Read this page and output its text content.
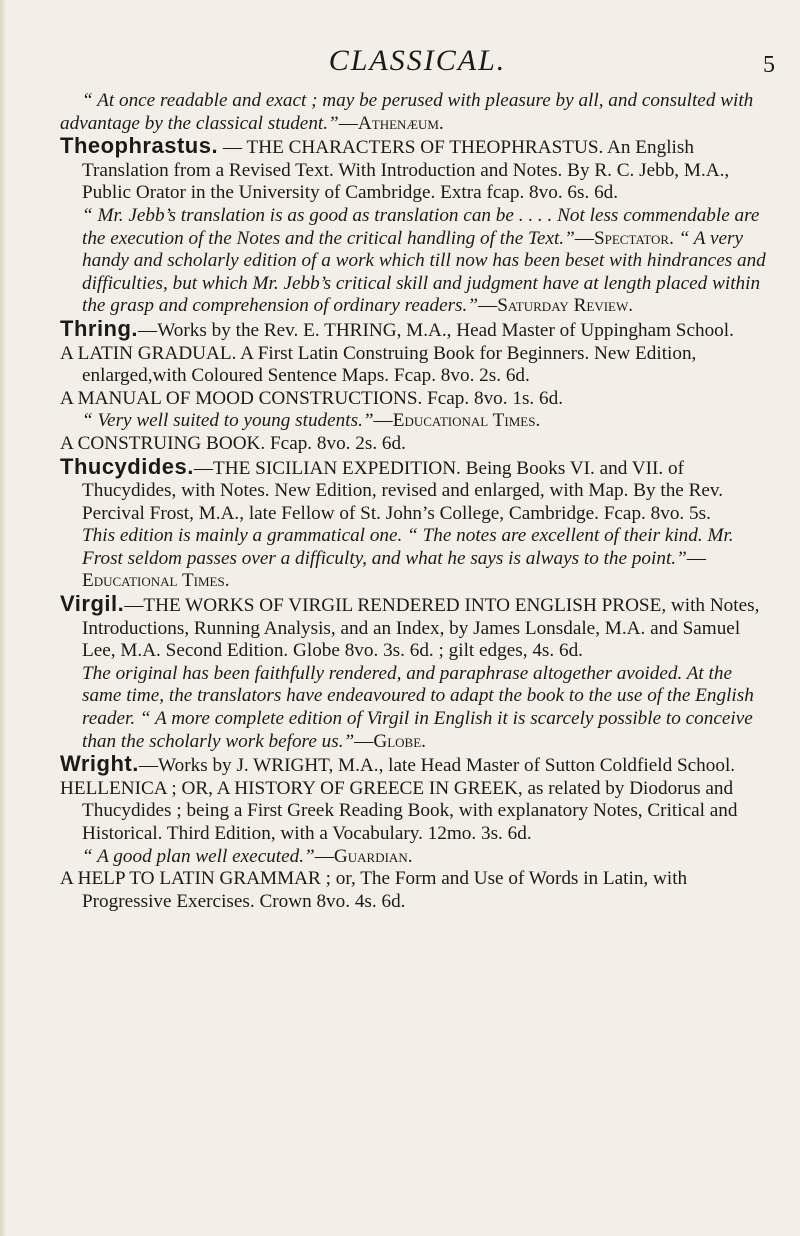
CLASSICAL.	5

“ At once readable and exact ; may be perused with pleasure by all, and consulted with advantage by the classical student.”—Athenæum.

Theophrastus. — THE CHARACTERS OF THEOPHRASTUS. An English Translation from a Revised Text. With Introduction and Notes. By R. C. Jebb, M.A., Public Orator in the University of Cambridge. Extra fcap. 8vo. 6s. 6d.

“ Mr. Jebb’s translation is as good as translation can be . . . . Not less commendable are the execution of the Notes and the critical handling of the Text.”—Spectator. “ A very handy and scholarly edition of a work which till now has been beset with hindrances and difficulties, but which Mr. Jebb’s critical skill and judgment have at length placed within the grasp and comprehension of ordinary readers.”—Saturday Review.

Thring.—Works by the Rev. E. THRING, M.A., Head Master of Uppingham School.

A LATIN GRADUAL. A First Latin Construing Book for Beginners. New Edition, enlarged,with Coloured Sentence Maps. Fcap. 8vo. 2s. 6d.

A MANUAL OF MOOD CONSTRUCTIONS. Fcap. 8vo. 1s. 6d.

“ Very well suited to young students.”—Educational Times.

A CONSTRUING BOOK. Fcap. 8vo. 2s. 6d.

Thucydides.—THE SICILIAN EXPEDITION. Being Books VI. and VII. of Thucydides, with Notes. New Edition, revised and enlarged, with Map. By the Rev. Percival Frost, M.A., late Fellow of St. John’s College, Cambridge. Fcap. 8vo. 5s.

This edition is mainly a grammatical one. “ The notes are excellent of their kind. Mr. Frost seldom passes over a difficulty, and what he says is always to the point.”—Educational Times.

Virgil.—THE WORKS OF VIRGIL RENDERED INTO ENGLISH PROSE, with Notes, Introductions, Running Analysis, and an Index, by James Lonsdale, M.A. and Samuel Lee, M.A. Second Edition. Globe 8vo. 3s. 6d. ; gilt edges, 4s. 6d.

The original has been faithfully rendered, and paraphrase altogether avoided. At the same time, the translators have endeavoured to adapt the book to the use of the English reader. “ A more complete edition of Virgil in English it is scarcely possible to conceive than the scholarly work before us.”—Globe.

Wright.—Works by J. WRIGHT, M.A., late Head Master of Sutton Coldfield School.

HELLENICA ; OR, A HISTORY OF GREECE IN GREEK, as related by Diodorus and Thucydides ; being a First Greek Reading Book, with explanatory Notes, Critical and Historical. Third Edition, with a Vocabulary. 12mo. 3s. 6d.

“ A good plan well executed.”—Guardian.

A HELP TO LATIN GRAMMAR ; or, The Form and Use of Words in Latin, with Progressive Exercises. Crown 8vo. 4s. 6d.
